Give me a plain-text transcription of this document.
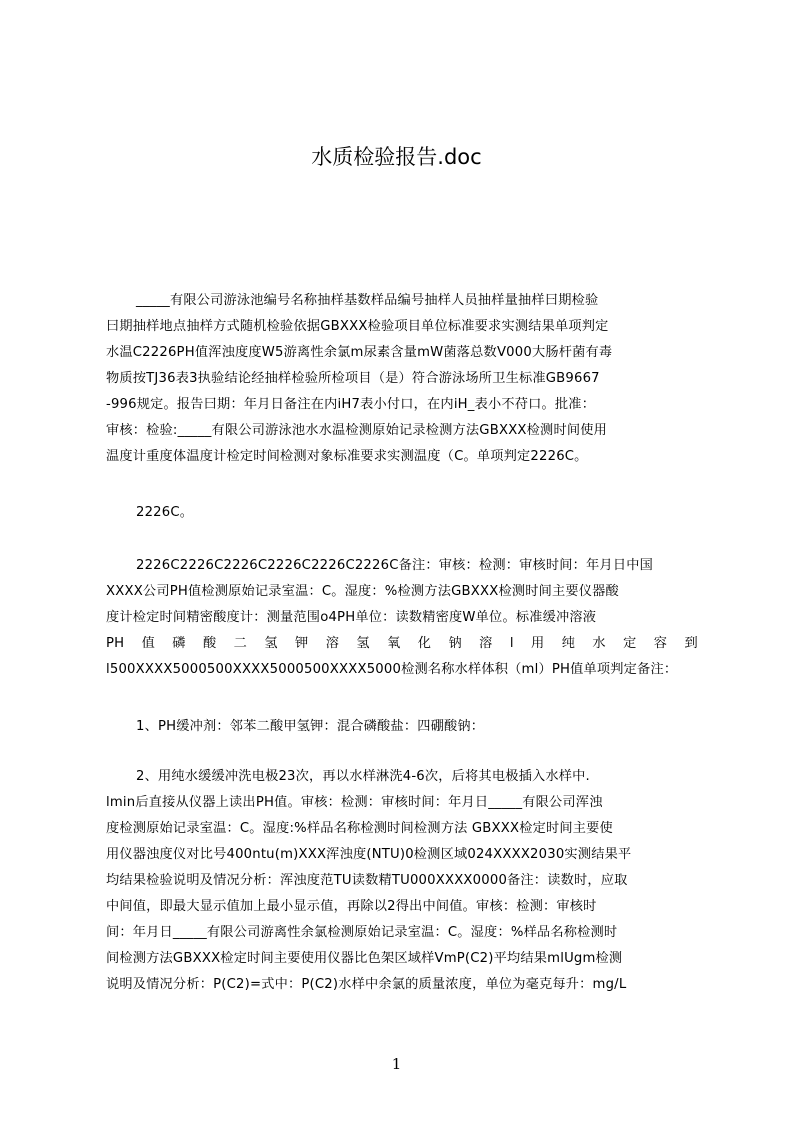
水质检验报告.doc
_____有限公司游泳池编号名称抽样基数样品编号抽样人员抽样量抽样曰期检验
曰期抽样地点抽样方式随机检验依据GBXXX检验项目单位标准要求实测结果单项判定
水温C2226PH值浑浊度度W5游离性余氯m尿素含量mW菌落总数V000大肠杆菌有毒
物质按TJ36表3执验结论经抽样检验所检项目（是）符合游泳场所卫生标准GB9667
-996规定。报告曰期：年月日备注在内iH7表小付口，在内iH_表小不苻口。批准：
审核：检验:_____有限公司游泳池水水温检测原始记录检测方法GBXXX检测时间使用
温度计重度体温度计检定时间检测对象标准要求实测温度（C。单项判定2226C。
2226C。
2226C2226C2226C2226C2226C2226C备注：审核：检测：审核时间：年月日中国
XXXX公司PH值检测原始记录室温：C。湿度：%检测方法GBXXX检测时间主要仪器酸
度计检定时间精密酸度计：测量范围o4PH单位：读数精密度W单位。标准缓冲溶液
PH 值 磷 酸 二 氢 钾 溶 氢 氧 化 钠 溶 l 用 纯 水 定 容 到
l500XXXX5000500XXXX5000500XXXX5000检测名称水样体积（ml）PH值单项判定备注：
1、PH缓冲剂：邻苯二酸甲氢钾：混合磷酸盐：四硼酸钠：
2、用纯水缓缓冲洗电极23次，再以水样淋洗4-6次，后将其电极插入水样中.
lmin后直接从仪器上读出PH值。审核：检测：审核时间：年月日_____有限公司浑浊
度检测原始记录室温：C。湿度:%样品名称检测时间检测方法 GBXXX检定时间主要使
用仪器浊度仪对比号400ntu(m)XXX浑浊度(NTU)0检测区域024XXXX2030实测结果平
均结果检验说明及情况分析：浑浊度范TU读数精TU000XXXX0000备注：读数时，应取
中间值，即最大显示值加上最小显示值，再除以2得出中间值。审核：检测：审核时
间：年月日_____有限公司游离性余氯检测原始记录室温：C。湿度：%样品名称检测时
间检测方法GBXXX检定时间主要使用仪器比色架区域样VmP(C2)平均结果mlUgm检测
说明及情况分析：P(C2)=式中：P(C2)水样中余氯的质量浓度，单位为毫克每升：mg/L
1
